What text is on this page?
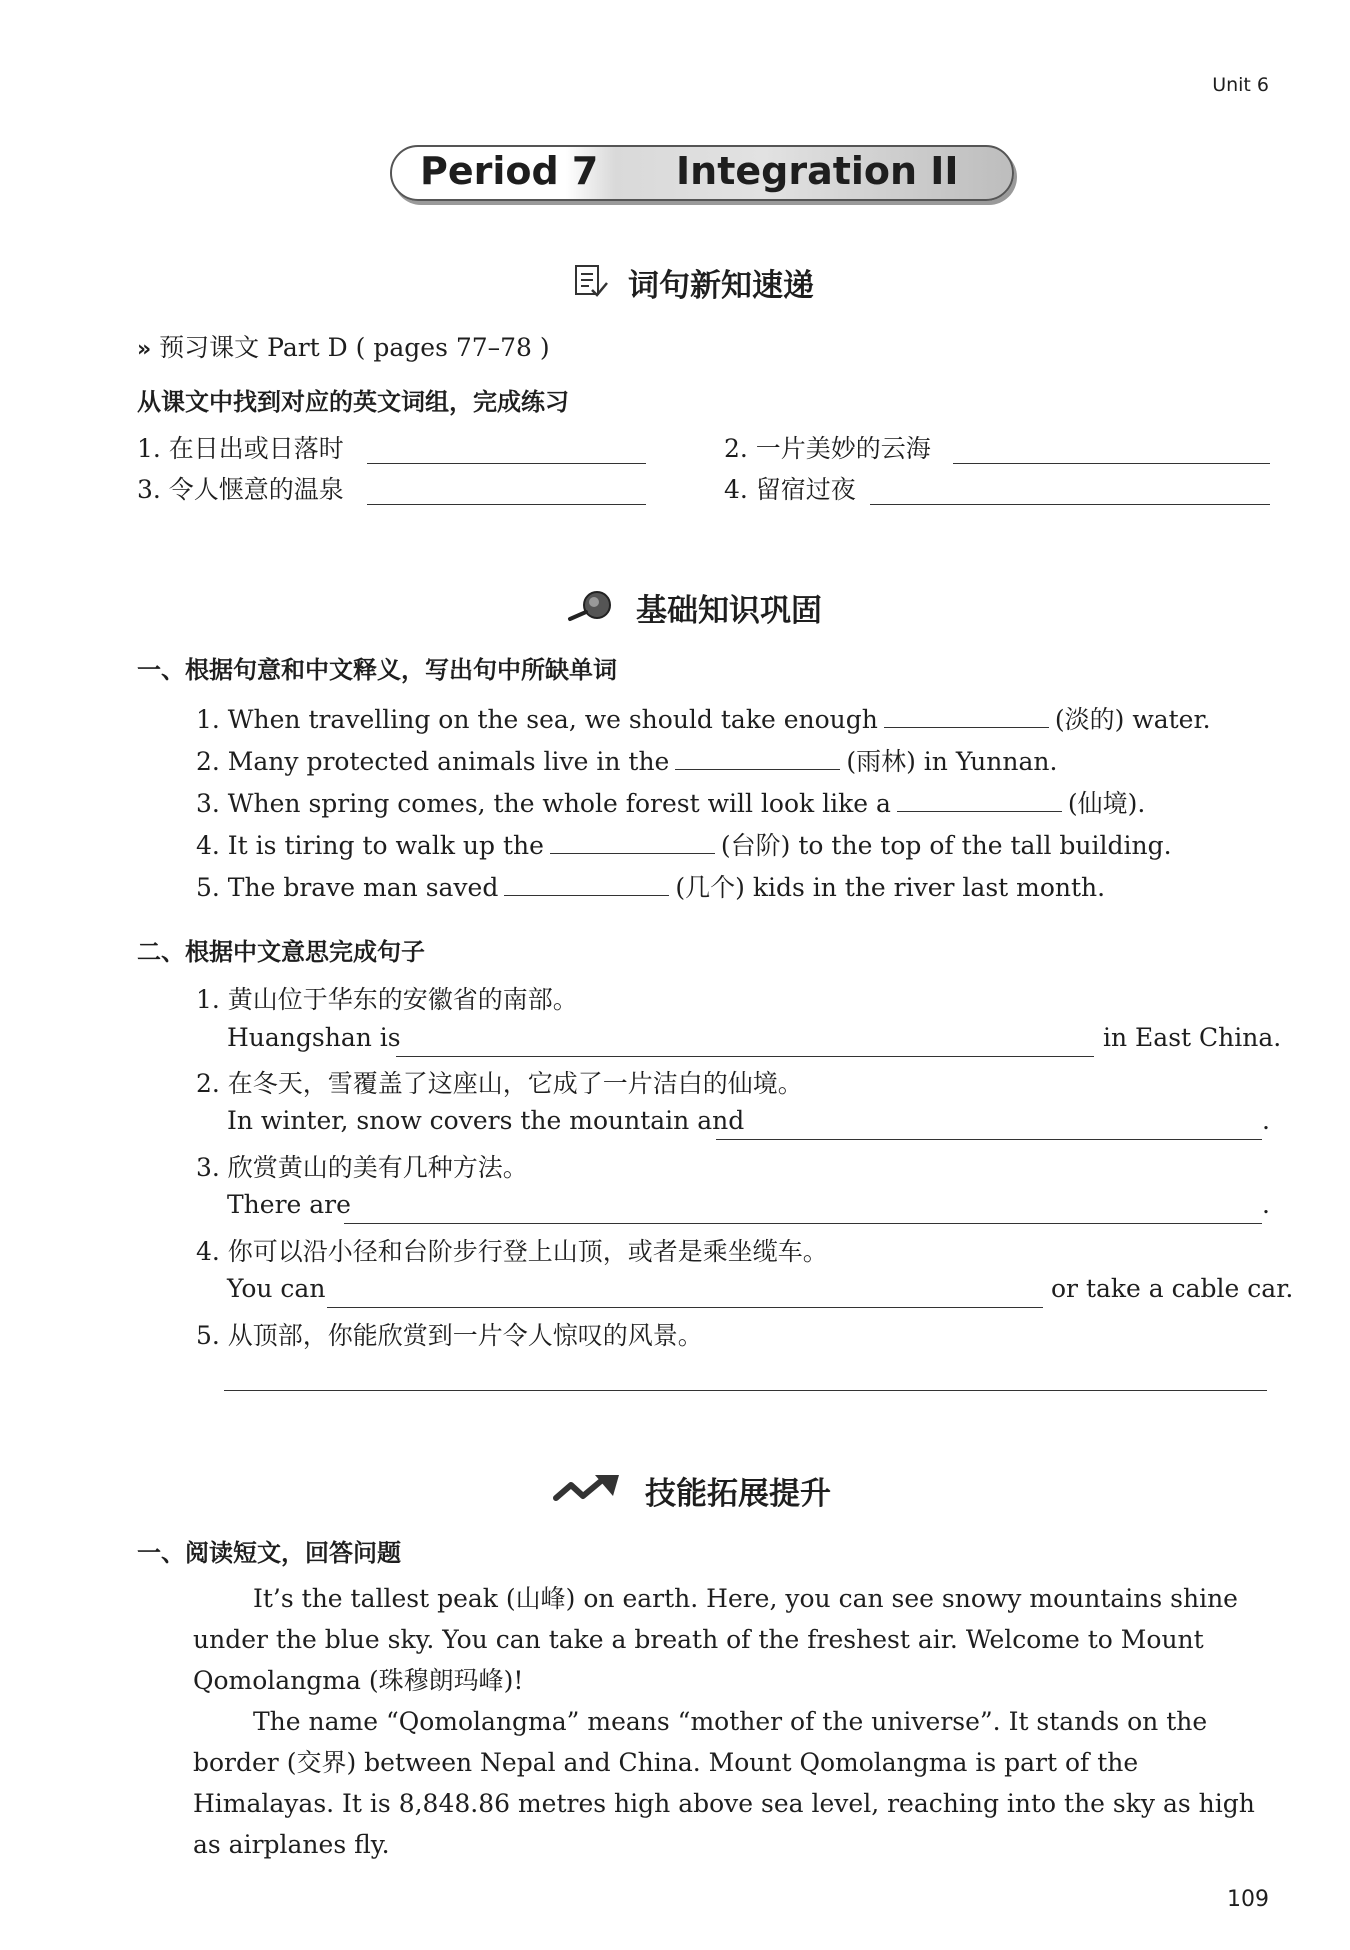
Unit 6
Period 7 Integration II
词句新知速递
» 预习课文 Part D ( pages 77–78 )
从课文中找到对应的英文词组，完成练习
1. 在日出或日落时	2. 一片美妙的云海
3. 令人惬意的温泉	4. 留宿过夜
基础知识巩固
一、根据句意和中文释义，写出句中所缺单词
1. When travelling on the sea, we should take enough	(淡的) water.
2. Many protected animals live in the	(雨林) in Yunnan.
3. When spring comes, the whole forest will look like a	(仙境).
4. It is tiring to walk up the	(台阶) to the top of the tall building.
5. The brave man saved	(几个) kids in the river last month.
二、根据中文意思完成句子
1. 黄山位于华东的安徽省的南部。
Huangshan is	in East China.
2. 在冬天，雪覆盖了这座山，它成了一片洁白的仙境。
In winter, snow covers the mountain and	.
3. 欣赏黄山的美有几种方法。
There are	.
4. 你可以沿小径和台阶步行登上山顶，或者是乘坐缆车。
You can	or take a cable car.
5. 从顶部，你能欣赏到一片令人惊叹的风景。
技能拓展提升
一、阅读短文，回答问题

It’s the tallest peak (山峰) on earth. Here, you can see snowy mountains shine under the blue sky. You can take a breath of the freshest air. Welcome to Mount Qomolangma (珠穆朗玛峰)!

The name “Qomolangma” means “mother of the universe”. It stands on the border (交界) between Nepal and China. Mount Qomolangma is part of the Himalayas. It is 8,848.86 metres high above sea level, reaching into the sky as high as airplanes fly.

109
